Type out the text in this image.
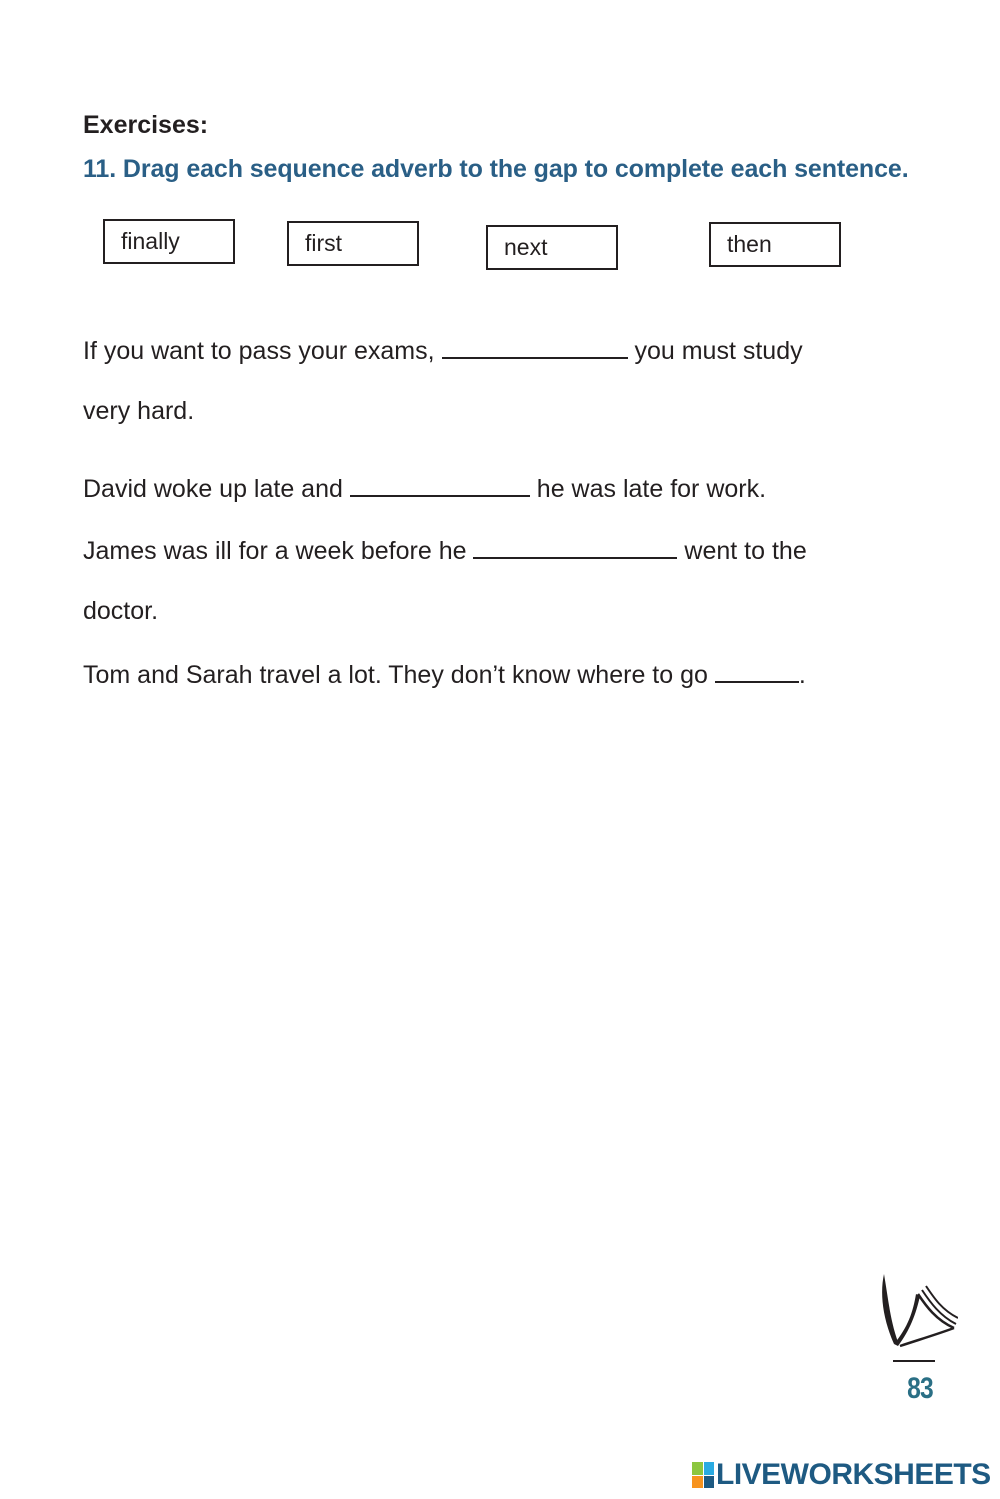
Exercises:
11. Drag each sequence adverb to the gap to complete each sentence.
finally	first	next	then
If you want to pass your exams,	you must study
very hard.
David woke up late and	he was late for work.
James was ill for a week before he	went to the
doctor.
Tom and Sarah travel a lot. They don’t know where to go	.
83
LIVEWORKSHEETS
